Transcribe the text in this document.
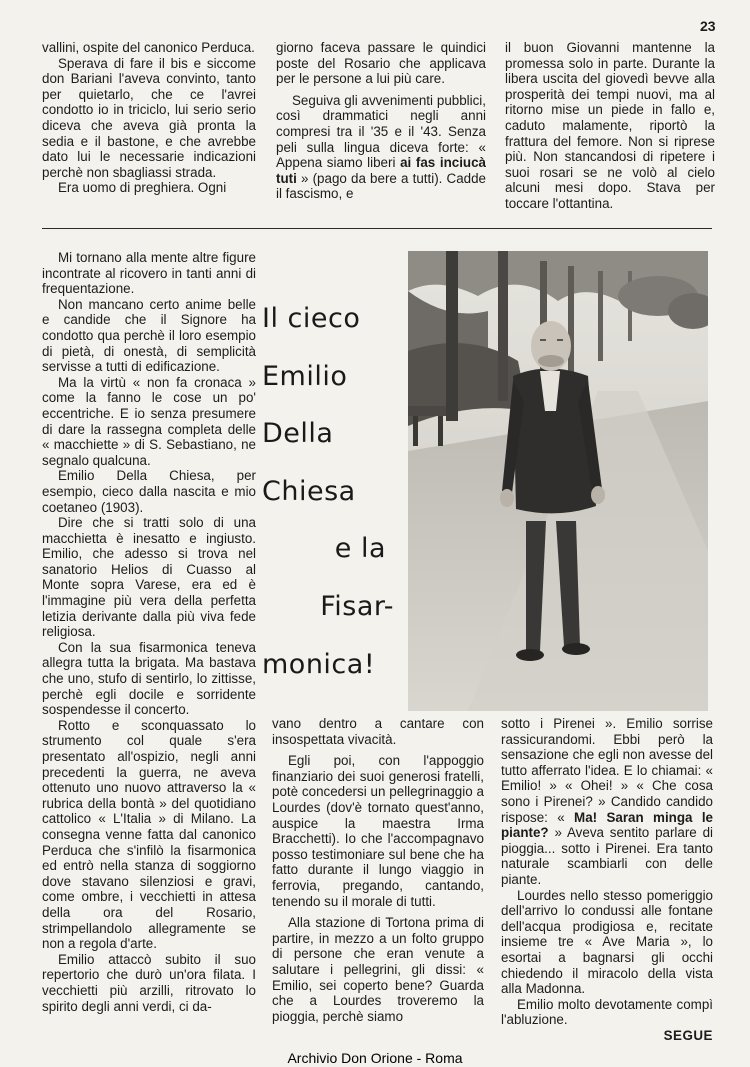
23

vallini, ospite del canonico Perduca.

Sperava di fare il bis e siccome don Bariani l'aveva convinto, tanto per quietarlo, che ce l'avrei condotto io in triciclo, lui serio serio diceva che aveva già pronta la sedia e il bastone, e che avrebbe dato lui le necessarie indicazioni perchè non sbagliassi strada.

Era uomo di preghiera. Ogni

giorno faceva passare le quindici poste del Rosario che applicava per le persone a lui più care.

Seguiva gli avvenimenti pubblici, così drammatici negli anni compresi tra il '35 e il '43. Senza peli sulla lingua diceva forte: « Appena siamo liberi ai fas inciucà tuti » (pago da bere a tutti). Cadde il fascismo, e

il buon Giovanni mantenne la promessa solo in parte. Durante la libera uscita del giovedì bevve alla prosperità dei tempi nuovi, ma al ritorno mise un piede in fallo e, caduto malamente, riportò la frattura del femore. Non si riprese più. Non stancandosi di ripetere i suoi rosari se ne volò al cielo alcuni mesi dopo. Stava per toccare l'ottantina.

Mi tornano alla mente altre figure incontrate al ricovero in tanti anni di frequentazione.

Non mancano certo anime belle e candide che il Signore ha condotto qua perchè il loro esempio di pietà, di onestà, di semplicità servisse a tutti di edificazione.

Ma la virtù « non fa cronaca » come la fanno le cose un po' eccentriche. E io senza presumere di dare la rassegna completa delle « macchiette » di S. Sebastiano, ne segnalo qualcuna.

Emilio Della Chiesa, per esempio, cieco dalla nascita e mio coetaneo (1903).

Dire che si tratti solo di una macchietta è inesatto e ingiusto. Emilio, che adesso si trova nel sanatorio Helios di Cuasso al Monte sopra Varese, era ed è l'immagine più vera della perfetta letizia derivante dalla più viva fede religiosa.

Con la sua fisarmonica teneva allegra tutta la brigata. Ma bastava che uno, stufo di sentirlo, lo zittisse, perchè egli docile e sorridente sospendesse il concerto.

Rotto e sconquassato lo strumento col quale s'era presentato all'ospizio, negli anni precedenti la guerra, ne aveva ottenuto uno nuovo attraverso la « rubrica della bontà » del quotidiano cattolico « L'Italia » di Milano. La consegna venne fatta dal canonico Perduca che s'infilò la fisarmonica ed entrò nella stanza di soggiorno dove stavano silenziosi e gravi, come ombre, i vecchietti in attesa della ora del Rosario, strimpellandolo allegramente se non a regola d'arte.

Emilio attaccò subito il suo repertorio che durò un'ora filata. I vecchietti più arzilli, ritrovato lo spirito degli anni verdi, ci da-

Il cieco
Emilio
Della
Chiesa
e la
Fisar-
monica!

vano dentro a cantare con insospettata vivacità.

Egli poi, con l'appoggio finanziario dei suoi generosi fratelli, potè concedersi un pellegrinaggio a Lourdes (dov'è tornato quest'anno, auspice la maestra Irma Bracchetti). Io che l'accompagnavo posso testimoniare sul bene che ha fatto durante il lungo viaggio in ferrovia, pregando, cantando, tenendo su il morale di tutti.

Alla stazione di Tortona prima di partire, in mezzo a un folto gruppo di persone che eran venute a salutare i pellegrini, gli dissi: « Emilio, sei coperto bene? Guarda che a Lourdes troveremo la pioggia, perchè siamo

sotto i Pirenei ». Emilio sorrise rassicurandomi. Ebbi però la sensazione che egli non avesse del tutto afferrato l'idea. E lo chiamai: « Emilio! » « Ohei! » « Che cosa sono i Pirenei? » Candido candido rispose: « Ma! Saran minga le piante? » Aveva sentito parlare di pioggia... sotto i Pirenei. Era tanto naturale scambiarli con delle piante.

Lourdes nello stesso pomeriggio dell'arrivo lo condussi alle fontane dell'acqua prodigiosa e, recitate insieme tre « Ave Maria », lo esortai a bagnarsi gli occhi chiedendo il miracolo della vista alla Madonna.

Emilio molto devotamente compì l'abluzione.

SEGUE

Archivio Don Orione - Roma
